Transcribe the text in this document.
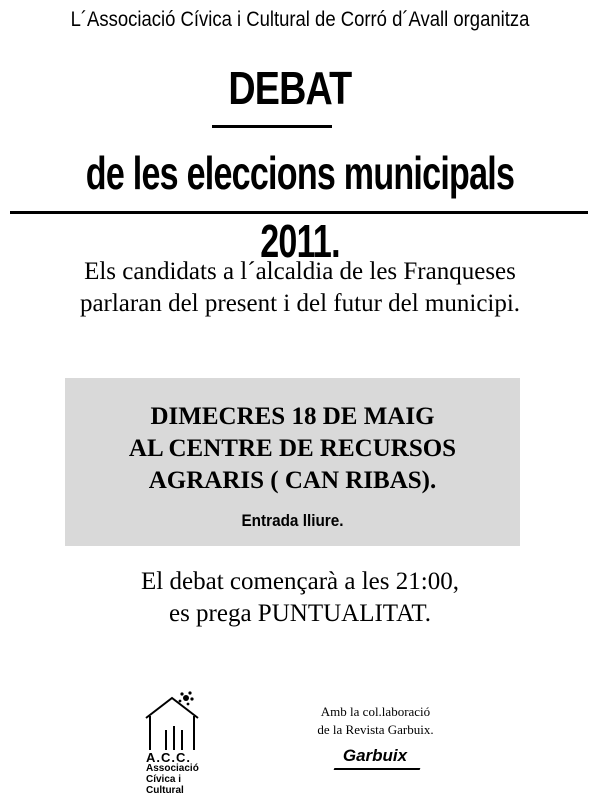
L´Associació Cívica i Cultural de Corró d´Avall organitza
DEBAT
de les eleccions municipals 2011.
Els candidats a l´alcaldia de les Franqueses
parlaran del present i del futur del municipi.
DIMECRES 18 DE MAIG
AL CENTRE DE RECURSOS
AGRARIS ( CAN RIBAS).
Entrada lliure.
El debat començarà a les 21:00,
es prega PUNTUALITAT.
A.C.C.
Associació
Cívica i
Cultural
Amb la col.laboració
de la Revista Garbuix.
Garbuix
